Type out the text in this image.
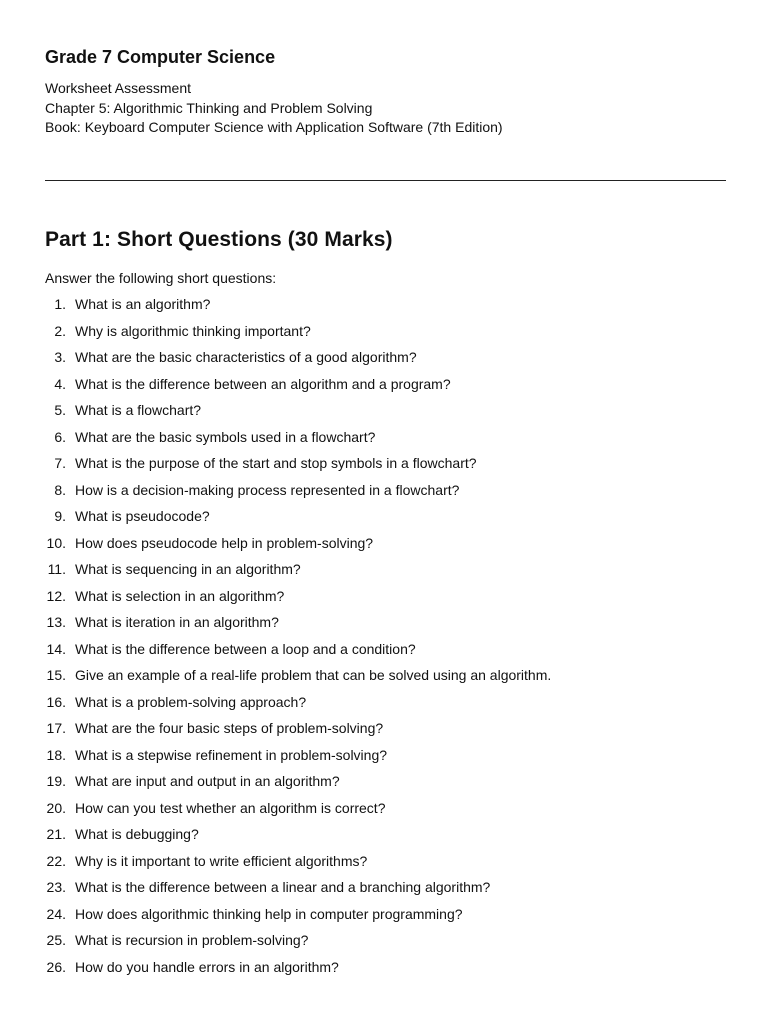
Grade 7 Computer Science
Worksheet Assessment
Chapter 5: Algorithmic Thinking and Problem Solving
Book: Keyboard Computer Science with Application Software (7th Edition)
Part 1: Short Questions (30 Marks)
Answer the following short questions:
1. What is an algorithm?
2. Why is algorithmic thinking important?
3. What are the basic characteristics of a good algorithm?
4. What is the difference between an algorithm and a program?
5. What is a flowchart?
6. What are the basic symbols used in a flowchart?
7. What is the purpose of the start and stop symbols in a flowchart?
8. How is a decision-making process represented in a flowchart?
9. What is pseudocode?
10. How does pseudocode help in problem-solving?
11. What is sequencing in an algorithm?
12. What is selection in an algorithm?
13. What is iteration in an algorithm?
14. What is the difference between a loop and a condition?
15. Give an example of a real-life problem that can be solved using an algorithm.
16. What is a problem-solving approach?
17. What are the four basic steps of problem-solving?
18. What is a stepwise refinement in problem-solving?
19. What are input and output in an algorithm?
20. How can you test whether an algorithm is correct?
21. What is debugging?
22. Why is it important to write efficient algorithms?
23. What is the difference between a linear and a branching algorithm?
24. How does algorithmic thinking help in computer programming?
25. What is recursion in problem-solving?
26. How do you handle errors in an algorithm?
